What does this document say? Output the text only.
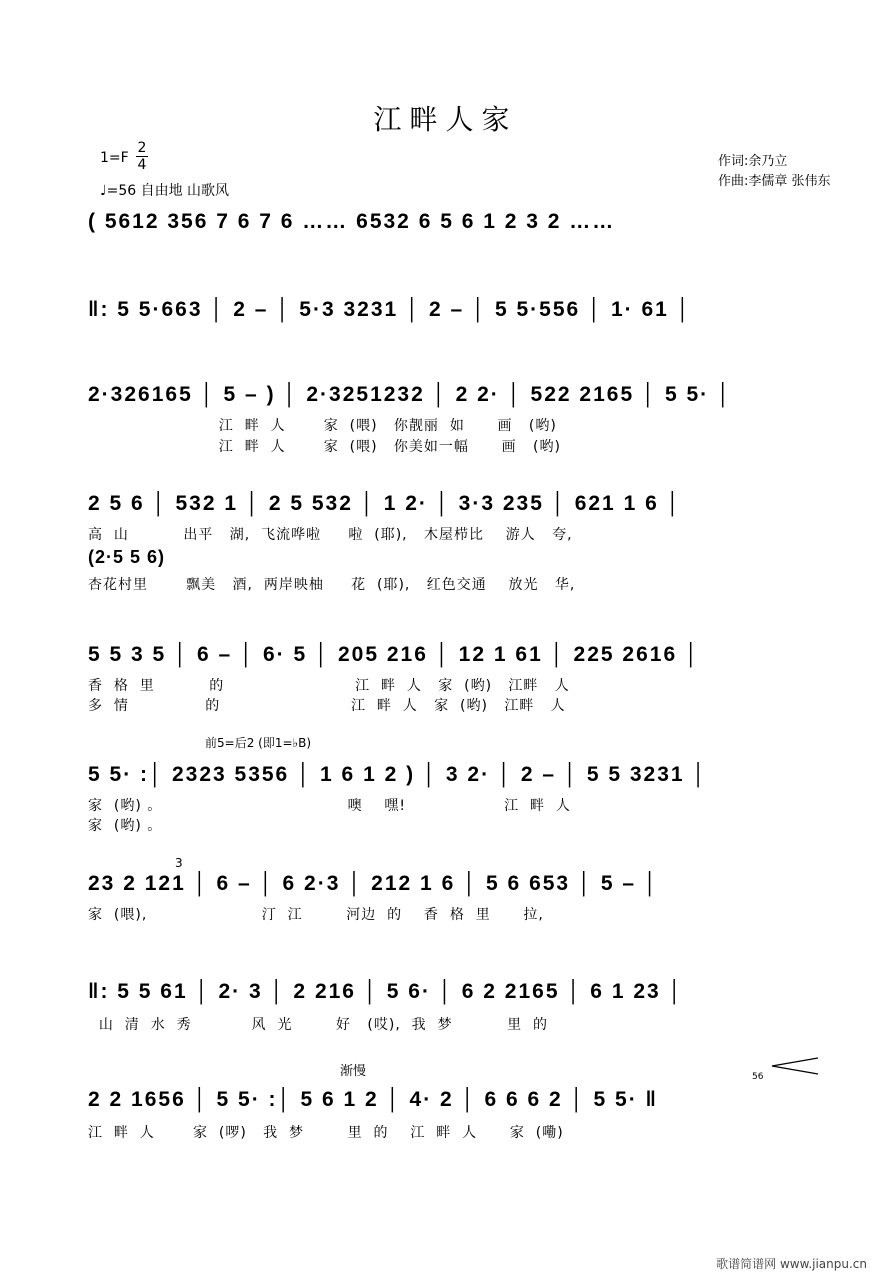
江畔人家
1=F
2
4
♩=56 自由地 山歌风
作词:余乃立
作曲:李儒章 张伟东
( 5612 356 7 6 7 6 …… 6532 6 5 6 1 2 3 2 ……
‖: 5 5·663 │ 2 – │ 5·3 3231 │ 2 – │ 5 5·556 │ 1· 61 │
2·326165 │ 5 – ) │ 2·3251232 │ 2 2· │ 522 2165 │ 5 5· │
江  畔  人       家  (喂)   你靓丽  如      画   (哟)
江  畔  人       家  (喂)   你美如一幅      画   (哟)
2 5 6 │ 532 1 │ 2 5 532 │ 1 2· │ 3·3 235 │ 621 1 6 │
高  山          出平   湖,  飞流哗啦     啦  (耶),   木屋栉比    游人   夸,
(2·5 5 6)
杏花村里       飘美   酒,  两岸映柚     花  (耶),   红色交通    放光   华,
5 5 3 5 │ 6 – │ 6· 5 │ 205 216 │ 12 1 61 │ 225 2616 │
香  格  里          的                        江  畔  人   家  (哟)   江畔   人
多  情              的                        江  畔  人   家  (哟)   江畔   人
前5=后2 (即1=♭B)
5 5· :│ 2323 5356 │ 1 6 1 2 ) │ 3 2· │ 2 – │ 5 5 3231 │
家  (哟) 。                                  噢    嘿!                  江  畔  人
家  (哟) 。
3
23 2 121 │ 6 – │ 6 2·3 │ 212 1 6 │ 5 6 653 │ 5 – │
家  (喂),                     汀  江        河边  的    香  格  里      拉,
‖: 5 5 61 │ 2· 3 │ 2 216 │ 5 6· │ 6 2 2165 │ 6 1 23 │
山  清  水  秀           风  光        好   (哎),  我  梦          里  的
渐慢	56
2 2 1656 │ 5 5· :│ 5 6 1 2 │ 4· 2 │ 6 6 6 2 │ 5 5· ‖
江  畔  人       家  (啰)   我  梦        里  的    江  畔  人      家  (嘞)
歌谱简谱网 www.jianpu.cn
